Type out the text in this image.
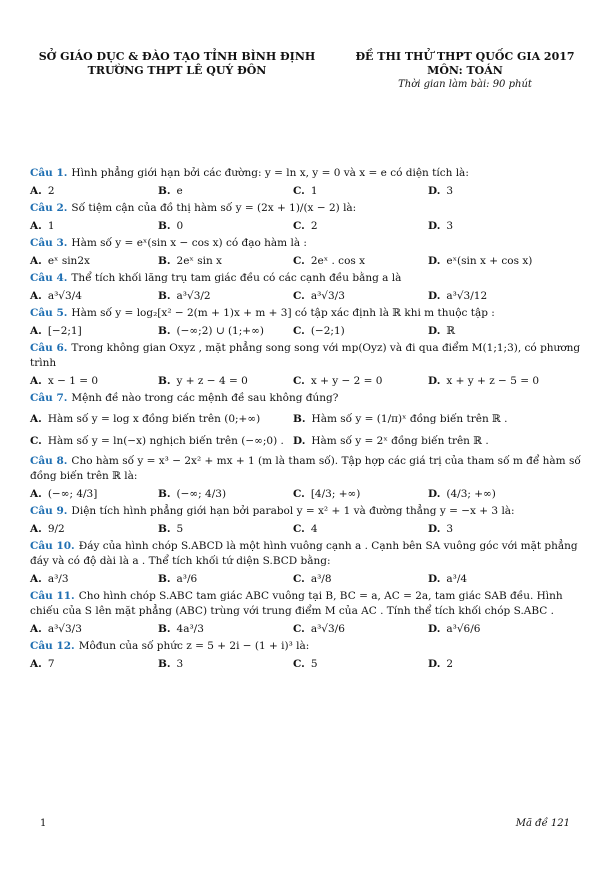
SỞ GIÁO DỤC & ĐÀO TẠO TỈNH BÌNH ĐỊNH
TRƯỜNG THPT LÊ QUÝ ĐÔN
ĐỀ THI THỬ THPT QUỐC GIA 2017
MÔN: TOÁN
Thời gian làm bài: 90 phút
Câu 1. Hình phẳng giới hạn bởi các đường: y = ln x, y = 0 và x = e có diện tích là:
A. 2	B. e	C. 1	D. 3
Câu 2. Số tiệm cận của đồ thị hàm số y = (2x + 1)/(x − 2) là:
A. 1	B. 0	C. 2	D. 3
Câu 3. Hàm số y = eˣ(sin x − cos x) có đạo hàm là :
A. eˣ sin2x	B. 2eˣ sin x	C. 2eˣ . cos x	D. eˣ(sin x + cos x)
Câu 4. Thể tích khối lăng trụ tam giác đều có các cạnh đều bằng a là
A. a³√3/4	B. a³√3/2	C. a³√3/3	D. a³√3/12
Câu 5. Hàm số y = log₂[x² − 2(m + 1)x + m + 3] có tập xác định là ℝ khi m thuộc tập :
A. [−2;1]	B. (−∞;2) ∪ (1;+∞)	C. (−2;1)	D. ℝ
Câu 6. Trong không gian Oxyz , mặt phẳng song song với mp(Oyz) và đi qua điểm M(1;1;3), có phương trình
A. x − 1 = 0	B. y + z − 4 = 0	C. x + y − 2 = 0	D. x + y + z − 5 = 0
Câu 7. Mệnh đề nào trong các mệnh đề sau không đúng?
A. Hàm số y = log x đồng biến trên (0;+∞)	B. Hàm số y = (1/π)ˣ đồng biến trên ℝ .
C. Hàm số y = ln(−x) nghịch biến trên (−∞;0) . D. Hàm số y = 2ˣ đồng biến trên ℝ .
Câu 8. Cho hàm số y = x³ − 2x² + mx + 1 (m là tham số). Tập hợp các giá trị của tham số m để hàm số đồng biến trên ℝ là:
A. (−∞; 4/3]	B. (−∞; 4/3)	C. [4/3; +∞)	D. (4/3; +∞)
Câu 9. Diện tích hình phẳng giới hạn bởi parabol y = x² + 1 và đường thẳng y = −x + 3 là:
A. 9/2	B. 5	C. 4	D. 3
Câu 10. Đáy của hình chóp S.ABCD là một hình vuông cạnh a . Cạnh bên SA vuông góc với mặt phẳng đáy và có độ dài là a . Thể tích khối tứ diện S.BCD bằng:
A. a³/3	B. a³/6	C. a³/8	D. a³/4
Câu 11. Cho hình chóp S.ABC tam giác ABC vuông tại B, BC = a, AC = 2a, tam giác SAB đều. Hình chiếu của S lên mặt phẳng (ABC) trùng với trung điểm M của AC . Tính thể tích khối chóp S.ABC .
A. a³√3/3	B. 4a³/3	C. a³√3/6	D. a³√6/6
Câu 12. Môđun của số phức z = 5 + 2i − (1 + i)³ là:
A. 7	B. 3	C. 5	D. 2
1	Mã đề 121
